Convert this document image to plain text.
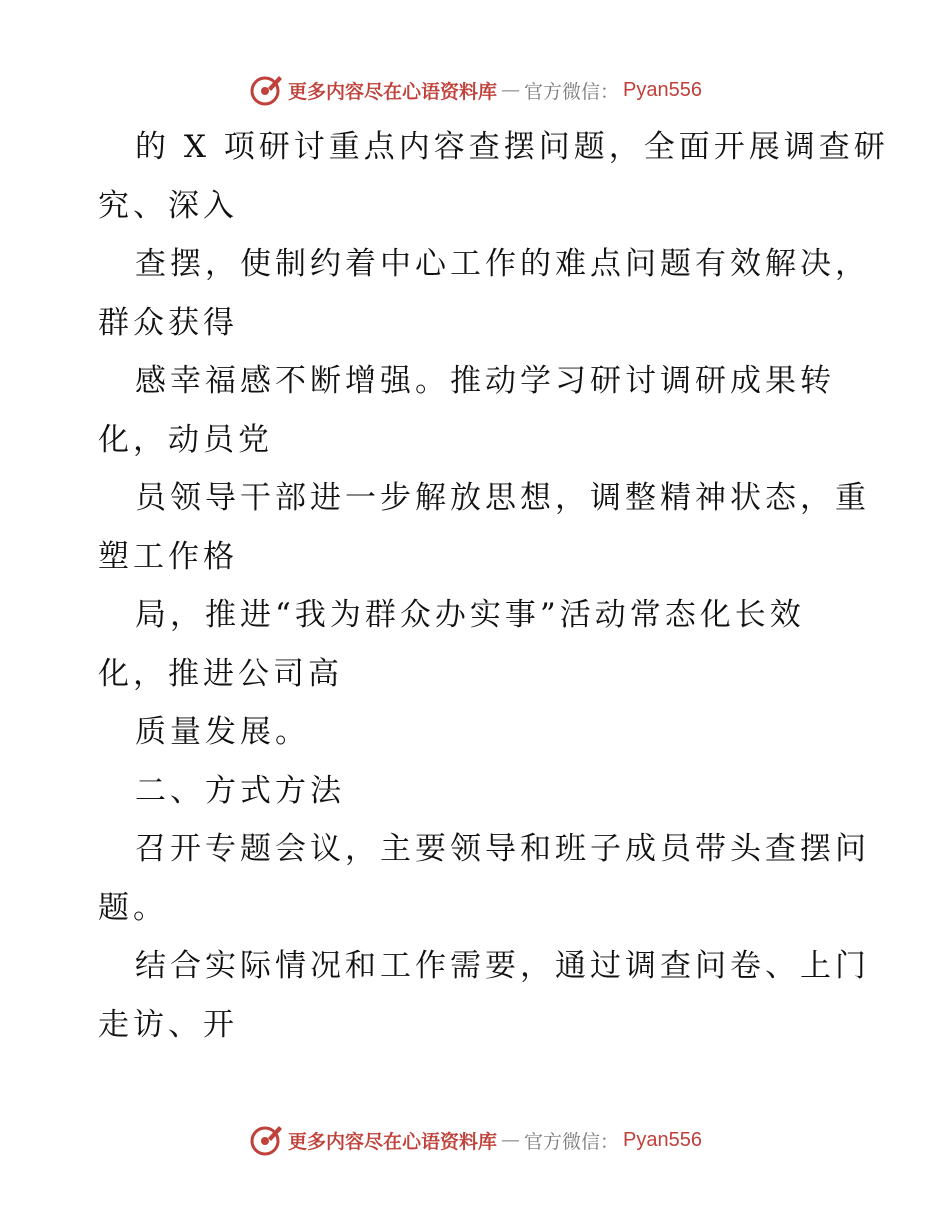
更多内容尽在心语资料库 — 官方微信： Pyan556
的 X 项研讨重点内容查摆问题，全面开展调查研
究、深入
查摆，使制约着中心工作的难点问题有效解决，
群众获得
感幸福感不断增强。推动学习研讨调研成果转
化，动员党
员领导干部进一步解放思想，调整精神状态，重
塑工作格
局，推进“我为群众办实事”活动常态化长效
化，推进公司高
质量发展。
二、方式方法
召开专题会议，主要领导和班子成员带头查摆问
题。
结合实际情况和工作需要，通过调查问卷、上门
走访、开
更多内容尽在心语资料库 — 官方微信： Pyan556
